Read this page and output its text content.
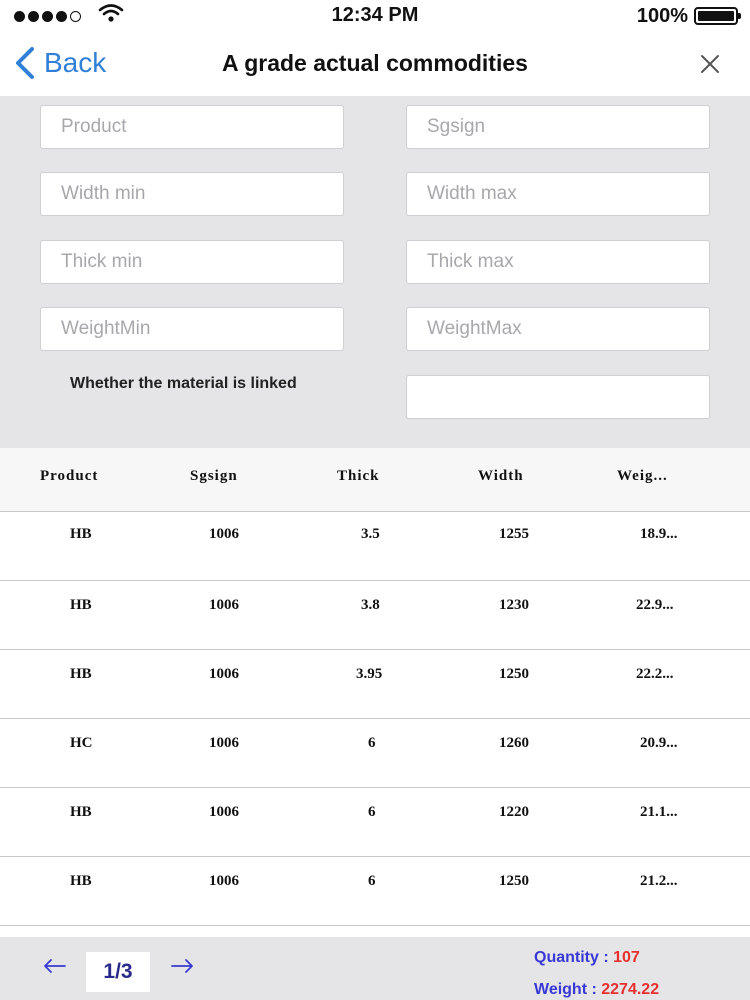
12:34 PM	100%
Back	A grade actual commodities
Product
Sgsign
Width min
Width max
Thick min
Thick max
WeightMin
WeightMax
Whether the material is linked
Product	Sgsign	Thick	Width	Weig...
HB	1006	3.5	1255	18.9...
HB	1006	3.8	1230	22.9...
HB	1006	3.95	1250	22.2...
HC	1006	6	1260	20.9...
HB	1006	6	1220	21.1...
HB	1006	6	1250	21.2...
1/3
Quantity : 107
Weight : 2274.22
